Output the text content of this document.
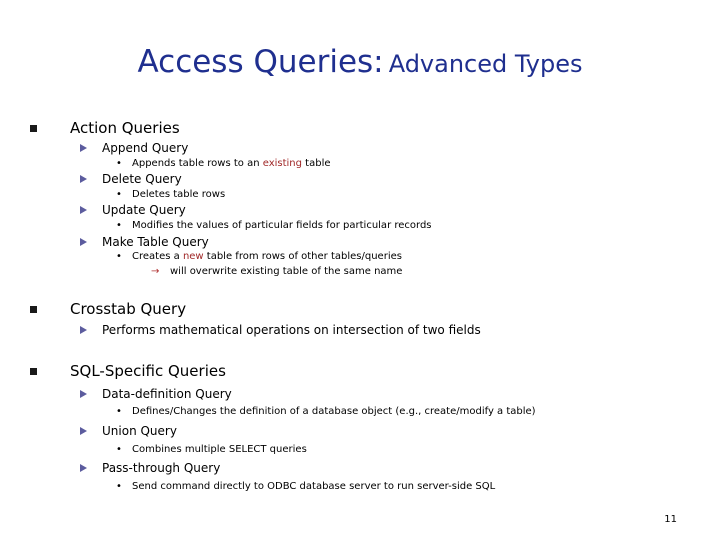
Access Queries: Advanced Types
Action Queries
Append Query
•	Appends table rows to an existing table
Delete Query
•	Deletes table rows
Update Query
•	Modifies the values of particular fields for particular records
Make Table Query
•	Creates a new table from rows of other tables/queries
→	will overwrite existing table of the same name
Crosstab Query
Performs mathematical operations on intersection of two fields
SQL-Specific Queries
Data-definition Query
•	Defines/Changes the definition of a database object (e.g., create/modify a table)
Union Query
•	Combines multiple SELECT queries
Pass-through Query
•	Send command directly to ODBC database server to run server-side SQL
11
